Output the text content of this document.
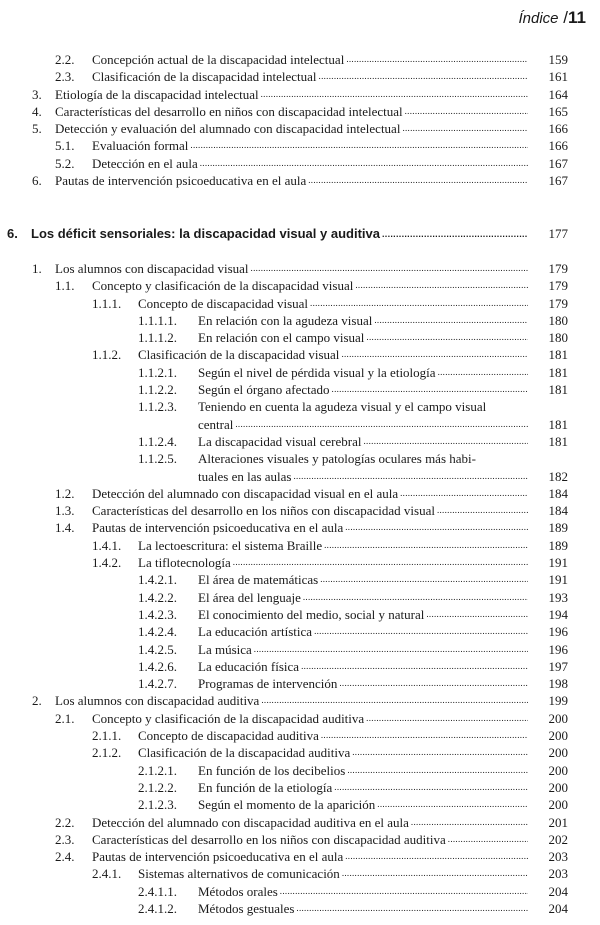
Índice / 11
2.2. Concepción actual de la discapacidad intelectual .....	159
2.3. Clasificación de la discapacidad intelectual .....	161
3. Etiología de la discapacidad intelectual .....	164
4. Características del desarrollo en niños con discapacidad intelectual .....	165
5. Detección y evaluación del alumnado con discapacidad intelectual .....	166
5.1. Evaluación formal .....	166
5.2. Detección en el aula .....	167
6. Pautas de intervención psicoeducativa en el aula .....	167
6. Los déficit sensoriales: la discapacidad visual y auditiva .....	177
1. Los alumnos con discapacidad visual .....	179
1.1. Concepto y clasificación de la discapacidad visual .....	179
1.1.1. Concepto de discapacidad visual .....	179
1.1.1.1. En relación con la agudeza visual .....	180
1.1.1.2. En relación con el campo visual .....	180
1.1.2. Clasificación de la discapacidad visual .....	181
1.1.2.1. Según el nivel de pérdida visual y la etiología .....	181
1.1.2.2. Según el órgano afectado .....	181
1.1.2.3. Teniendo en cuenta la agudeza visual y el campo visual
central .....	181
1.1.2.4. La discapacidad visual cerebral .....	181
1.1.2.5. Alteraciones visuales y patologías oculares más habi-
tuales en las aulas .....	182
1.2. Detección del alumnado con discapacidad visual en el aula .....	184
1.3. Características del desarrollo en los niños con discapacidad visual .....	184
1.4. Pautas de intervención psicoeducativa en el aula .....	189
1.4.1. La lectoescritura: el sistema Braille .....	189
1.4.2. La tiflotecnología .....	191
1.4.2.1. El área de matemáticas .....	191
1.4.2.2. El área del lenguaje .....	193
1.4.2.3. El conocimiento del medio, social y natural .....	194
1.4.2.4. La educación artística .....	196
1.4.2.5. La música .....	196
1.4.2.6. La educación física .....	197
1.4.2.7. Programas de intervención .....	198
2. Los alumnos con discapacidad auditiva .....	199
2.1. Concepto y clasificación de la discapacidad auditiva .....	200
2.1.1. Concepto de discapacidad auditiva .....	200
2.1.2. Clasificación de la discapacidad auditiva .....	200
2.1.2.1. En función de los decibelios .....	200
2.1.2.2. En función de la etiología .....	200
2.1.2.3. Según el momento de la aparición .....	200
2.2. Detección del alumnado con discapacidad auditiva en el aula .....	201
2.3. Características del desarrollo en los niños con discapacidad auditiva .....	202
2.4. Pautas de intervención psicoeducativa en el aula .....	203
2.4.1. Sistemas alternativos de comunicación .....	203
2.4.1.1. Métodos orales .....	204
2.4.1.2. Métodos gestuales .....	204
